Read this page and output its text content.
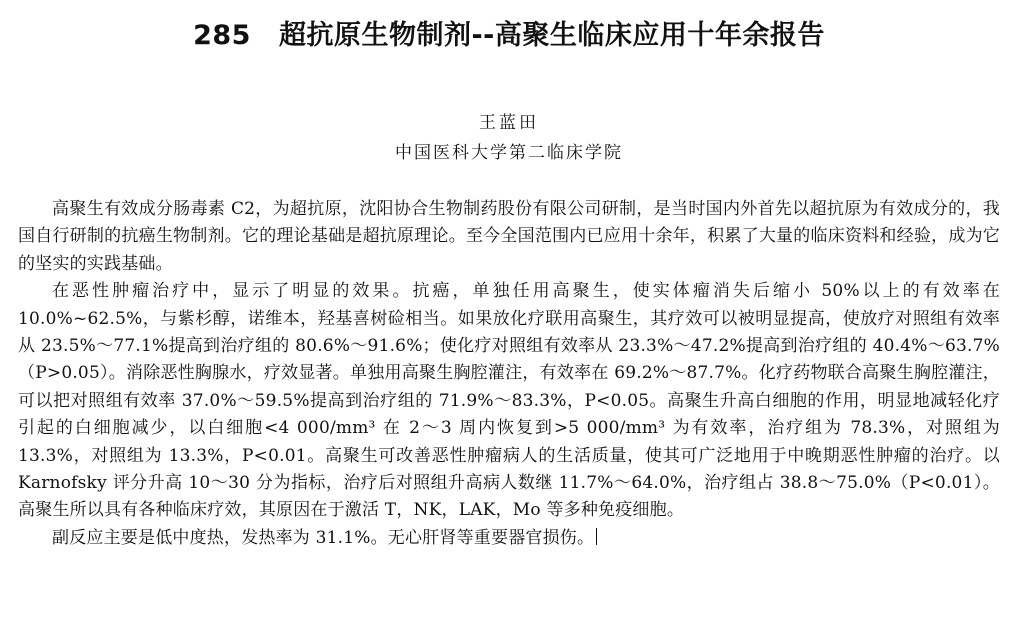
285 超抗原生物制剂--高聚生临床应用十年余报告
王蓝田
中国医科大学第二临床学院

高聚生有效成分肠毒素 C2，为超抗原，沈阳协合生物制药股份有限公司研制，是当时国内外首先以超抗原为有效成分的，我国自行研制的抗癌生物制剂。它的理论基础是超抗原理论。至今全国范围内已应用十余年，积累了大量的临床资料和经验，成为它的坚实的实践基础。

在恶性肿瘤治疗中，显示了明显的效果。抗癌，单独任用高聚生，使实体瘤消失后缩小 50%以上的有效率在 10.0%~62.5%，与紫杉醇，诺维本，羟基喜树硷相当。如果放化疗联用高聚生，其疗效可以被明显提高，使放疗对照组有效率从 23.5%～77.1%提高到治疗组的 80.6%～91.6%；使化疗对照组有效率从 23.3%～47.2%提高到治疗组的 40.4%～63.7%（P>0.05）。消除恶性胸腺水，疗效显著。单独用高聚生胸腔灌注，有效率在 69.2%～87.7%。化疗药物联合高聚生胸腔灌注，可以把对照组有效率 37.0%～59.5%提高到治疗组的 71.9%～83.3%，P<0.05。高聚生升高白细胞的作用，明显地减轻化疗引起的白细胞减少，以白细胞<4 000/mm³ 在 2～3 周内恢复到>5 000/mm³ 为有效率，治疗组为 78.3%，对照组为 13.3%，对照组为 13.3%，P<0.01。高聚生可改善恶性肿瘤病人的生活质量，使其可广泛地用于中晚期恶性肿瘤的治疗。以 Karnofsky 评分升高 10～30 分为指标，治疗后对照组升高病人数继 11.7%～64.0%，治疗组占 38.8～75.0%（P<0.01）。高聚生所以具有各种临床疗效，其原因在于激活 T，NK，LAK，Mo 等多种免疫细胞。

副反应主要是低中度热，发热率为 31.1%。无心肝肾等重要器官损伤。
